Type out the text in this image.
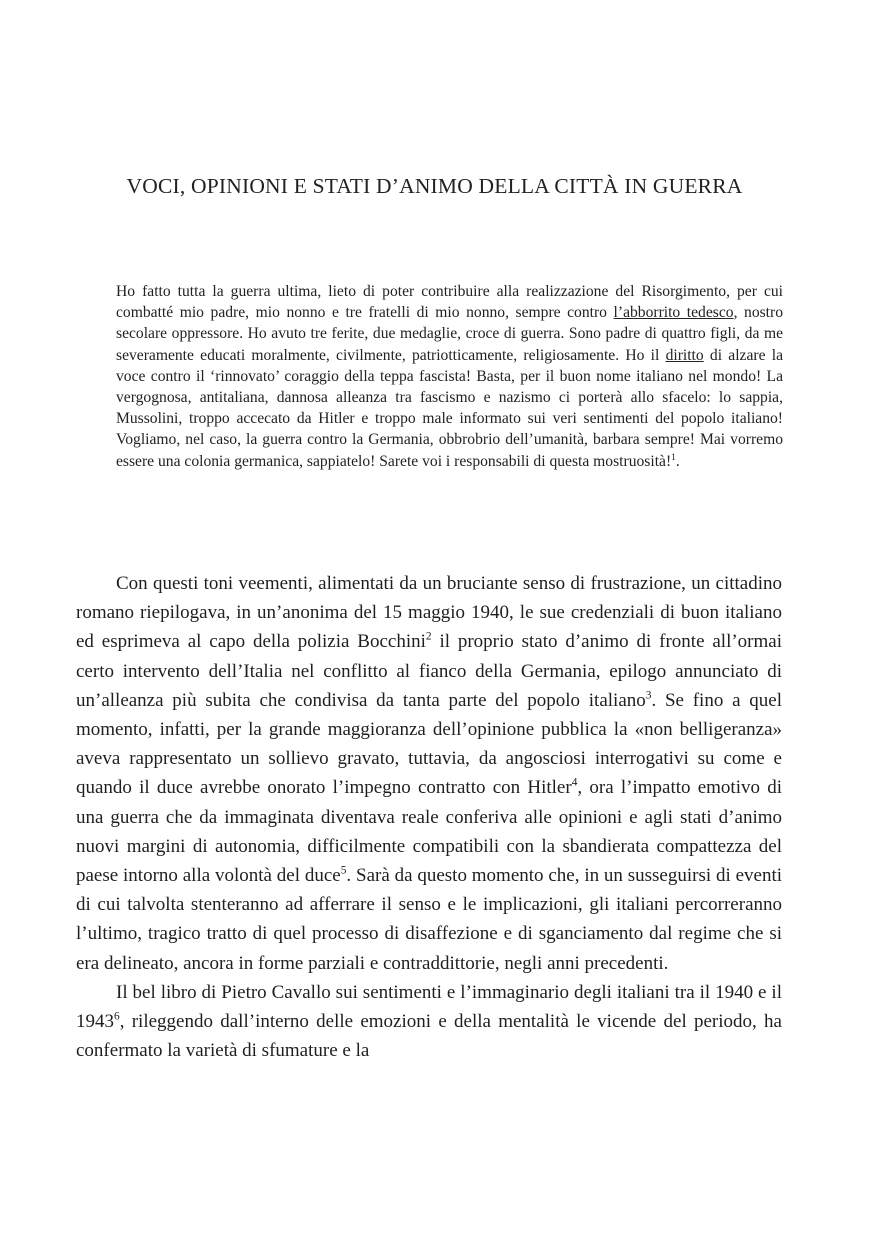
VOCI, OPINIONI E STATI D’ANIMO DELLA CITTÀ IN GUERRA

Ho fatto tutta la guerra ultima, lieto di poter contribuire alla realizzazione del Risorgimento, per cui combatté mio padre, mio nonno e tre fratelli di mio nonno, sempre contro l’abborrito tedesco, nostro secolare oppressore. Ho avuto tre ferite, due medaglie, croce di guerra. Sono padre di quattro figli, da me severamente educati moralmente, civilmente, patriotticamente, religiosamente. Ho il diritto di alzare la voce contro il ‘rinnovato’ coraggio della teppa fascista! Basta, per il buon nome italiano nel mondo! La vergognosa, antitaliana, dannosa alleanza tra fascismo e nazismo ci porterà allo sfacelo: lo sappia, Mussolini, troppo accecato da Hitler e troppo male informato sui veri sentimenti del popolo italiano! Vogliamo, nel caso, la guerra contro la Germania, obbrobrio dell’umanità, barbara sempre! Mai vorremo essere una colonia germanica, sappiatelo! Sarete voi i responsabili di questa mostruosità!$^1$.

Con questi toni veementi, alimentati da un bruciante senso di frustrazione, un cittadino romano riepilogava, in un’anonima del 15 maggio 1940, le sue credenziali di buon italiano ed esprimeva al capo della polizia Bocchini$^2$ il proprio stato d’animo di fronte all’ormai certo intervento dell’Italia nel conflitto al fianco della Germania, epilogo annunciato di un’alleanza più subita che condivisa da tanta parte del popolo italiano$^3$. Se fino a quel momento, infatti, per la grande maggioranza dell’opinione pubblica la «non belligeranza» aveva rappresentato un sollievo gravato, tuttavia, da angosciosi interrogativi su come e quando il duce avrebbe onorato l’impegno contratto con Hitler$^4$, ora l’impatto emotivo di una guerra che da immaginata diventava reale conferiva alle opinioni e agli stati d’animo nuovi margini di autonomia, difficilmente compatibili con la sbandierata compattezza del paese intorno alla volontà del duce$^5$. Sarà da questo momento che, in un susseguirsi di eventi di cui talvolta stenteranno ad afferrare il senso e le implicazioni, gli italiani percorreranno l’ultimo, tragico tratto di quel processo di disaffezione e di sganciamento dal regime che si era delineato, ancora in forme parziali e contraddittorie, negli anni precedenti.

Il bel libro di Pietro Cavallo sui sentimenti e l’immaginario degli italiani tra il 1940 e il 1943$^6$, rileggendo dall’interno delle emozioni e della mentalità le vicende del periodo, ha confermato la varietà di sfumature e la
